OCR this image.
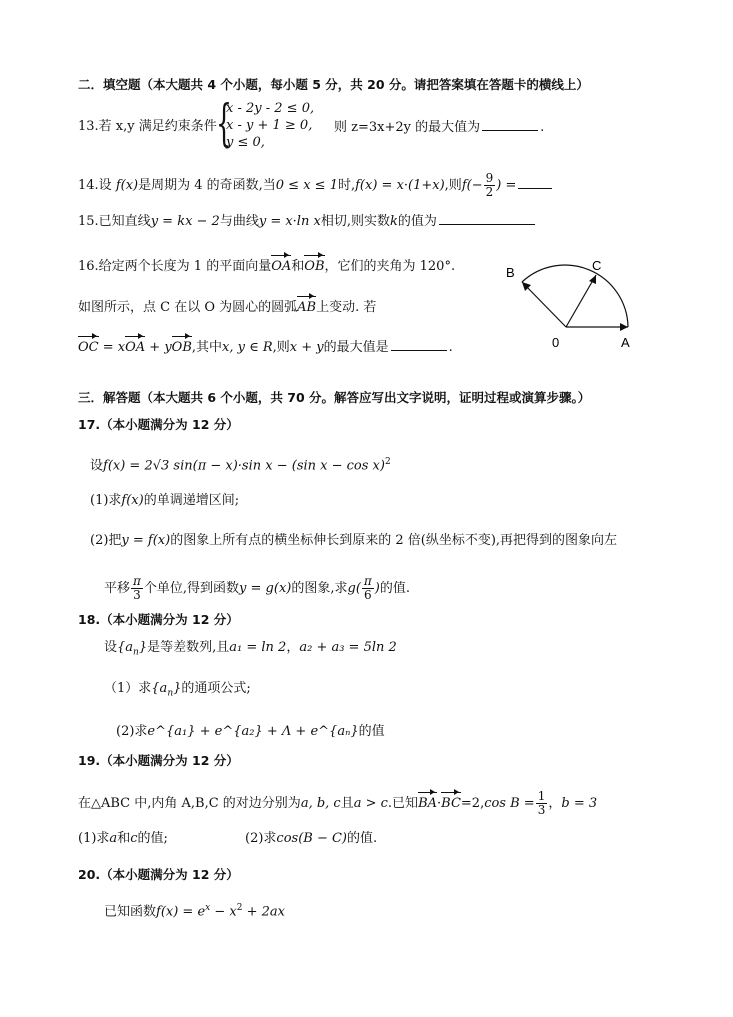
二．填空题（本大题共 4 个小题，每小题 5 分，共 20 分。请把答案填在答题卡的横线上）
13.若 x,y 满足约束条件 {
x - 2y - 2 ≤ 0,
x - y + 1 ≥ 0,
y ≤ 0,
则 z=3x+2y 的最大值为	.
14.设 f(x)是周期为 4 的奇函数,当0 ≤ x ≤ 1时,f(x) = x·(1+x),则$f(- \frac{9}{2}$ ) =
15.已知直线y = kx − 2与曲线y = x·ln x相切,则实数k的值为
16.给定两个长度为 1 的平面向量OA和OB，它们的夹角为 120°.
如图所示，点 C 在以 O 为圆心的圆弧AB上变动. 若
OC = xOA + yOB,其中x, y ∈ R,则x + y的最大值是	.
B	C
0	A
三．解答题（本大题共 6 个小题，共 70 分。解答应写出文字说明，证明过程或演算步骤。）
17.（本小题满分为 12 分）
设f(x) = 2√3 sin(π − x)·sin x − (sin x − cos x)$^2$
(1)求f(x)的单调递增区间;
(2)把y = f(x)的图象上所有点的横坐标伸长到原来的 2 倍(纵坐标不变),再把得到的图象向左
平移 $\frac{\pi}{3}$ 个单位,得到函数y = g(x)的图象,求$g( \frac{\pi}{6}$ )的值.
18.（本小题满分为 12 分）
设$\{a_n\}$是等差数列,且a₁ = ln 2，a₂ + a₃ = 5ln 2
（1）求$\{a_n\}$的通项公式;
(2)求e^{a₁} + e^{a₂} + Λ + e^{aₙ}的值
19.（本小题满分为 12 分）
在△ABC 中,内角 A,B,C 的对边分别为a, b, c且a > c.已知BA·BC=2,cos $B = \frac{1}{3}$ ，b = 3
(1)求a和c的值;	(2)求cos(B − C)的值.
20.（本小题满分为 12 分）
已知函数$f(x) = e^x - x^2 + 2ax$
